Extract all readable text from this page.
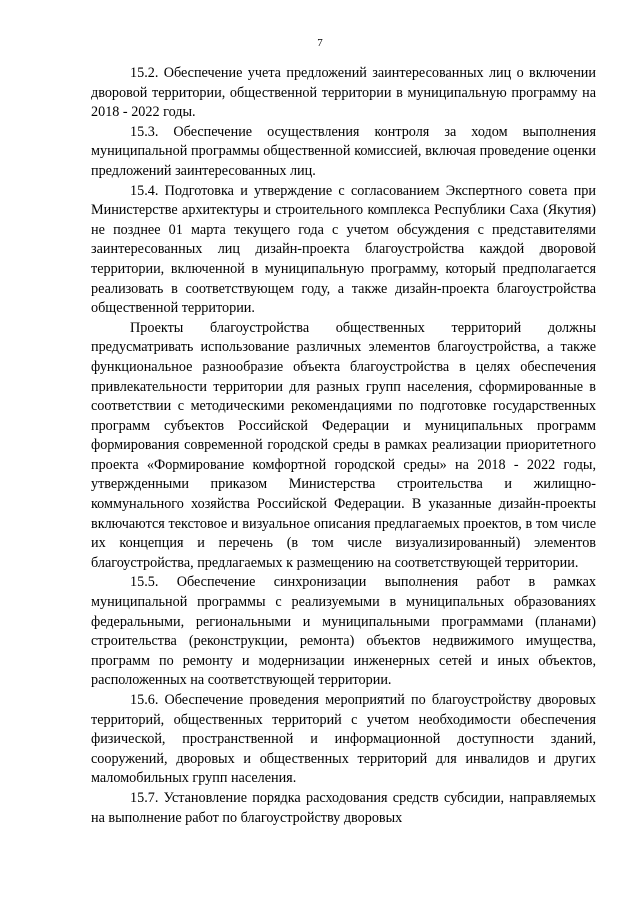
7

15.2. Обеспечение учета предложений заинтересованных лиц о включении дворовой территории, общественной территории в муниципальную программу на 2018 - 2022 годы.

15.3. Обеспечение осуществления контроля за ходом выполнения муниципальной программы общественной комиссией, включая проведение оценки предложений заинтересованных лиц.

15.4. Подготовка и утверждение с согласованием Экспертного совета при Министерстве архитектуры и строительного комплекса Республики Саха (Якутия) не позднее 01 марта текущего года с учетом обсуждения с представителями заинтересованных лиц дизайн-проекта благоустройства каждой дворовой территории, включенной в муниципальную программу, который предполагается реализовать в соответствующем году, а также дизайн-проекта благоустройства общественной территории.

Проекты благоустройства общественных территорий должны предусматривать использование различных элементов благоустройства, а также функциональное разнообразие объекта благоустройства в целях обеспечения привлекательности территории для разных групп населения, сформированные в соответствии с методическими рекомендациями по подготовке государственных программ субъектов Российской Федерации и муниципальных программ формирования современной городской среды в рамках реализации приоритетного проекта «Формирование комфортной городской среды» на 2018 - 2022 годы, утвержденными приказом Министерства строительства и жилищно-коммунального хозяйства Российской Федерации. В указанные дизайн-проекты включаются текстовое и визуальное описания предлагаемых проектов, в том числе их концепция и перечень (в том числе визуализированный) элементов благоустройства, предлагаемых к размещению на соответствующей территории.

15.5. Обеспечение синхронизации выполнения работ в рамках муниципальной программы с реализуемыми в муниципальных образованиях федеральными, региональными и муниципальными программами (планами) строительства (реконструкции, ремонта) объектов недвижимого имущества, программ по ремонту и модернизации инженерных сетей и иных объектов, расположенных на соответствующей территории.

15.6. Обеспечение проведения мероприятий по благоустройству дворовых территорий, общественных территорий с учетом необходимости обеспечения физической, пространственной и информационной доступности зданий, сооружений, дворовых и общественных территорий для инвалидов и других маломобильных групп населения.

15.7. Установление порядка расходования средств субсидии, направляемых на выполнение работ по благоустройству дворовых
